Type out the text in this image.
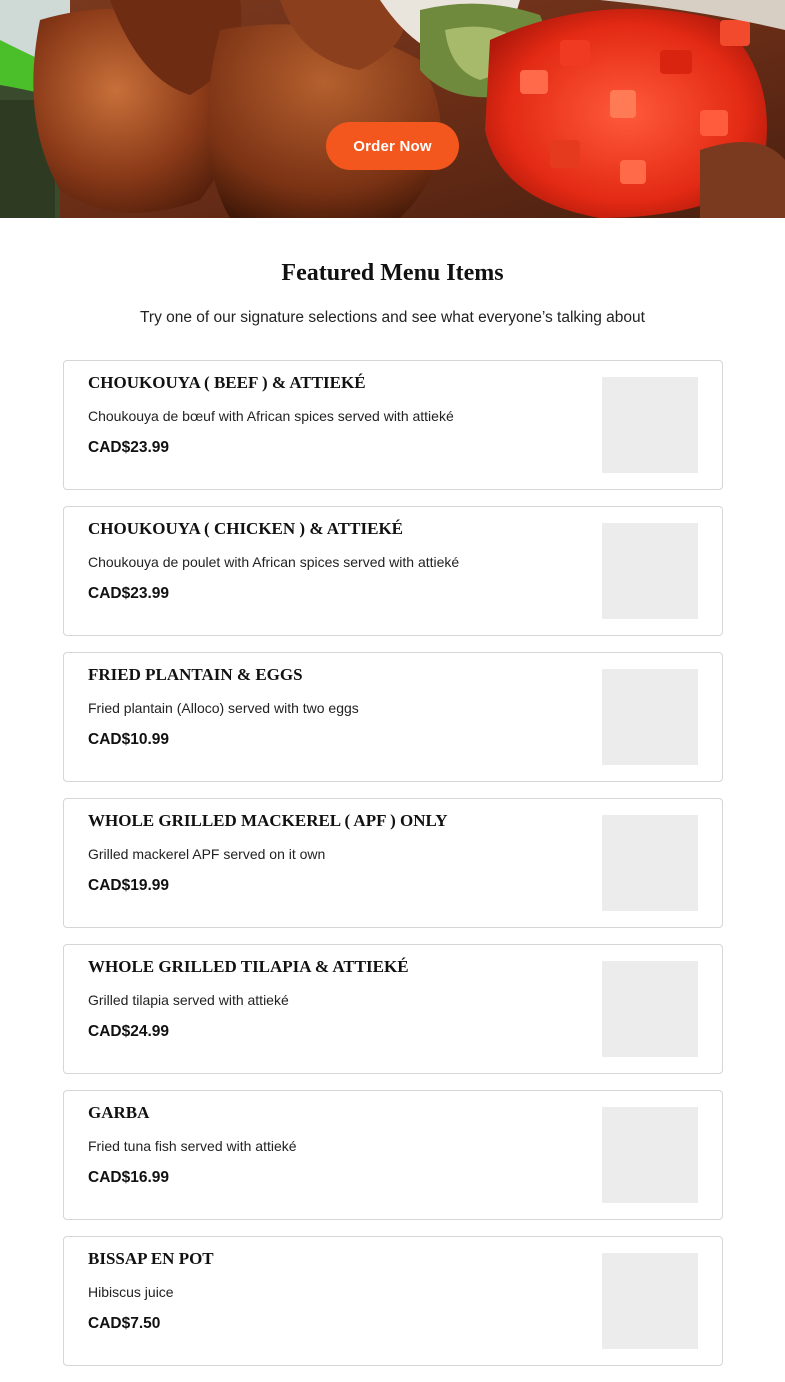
Order Now
Featured Menu Items

Try one of our signature selections and see what everyone’s talking about

CHOUKOUYA ( BEEF ) & ATTIEKÉ
Choukouya de bœuf with African spices served with attieké
CAD$23.99
CHOUKOUYA ( CHICKEN ) & ATTIEKÉ
Choukouya de poulet with African spices served with attieké
CAD$23.99
FRIED PLANTAIN & EGGS
Fried plantain (Alloco) served with two eggs
CAD$10.99
WHOLE GRILLED MACKEREL ( APF ) ONLY
Grilled mackerel APF served on it own
CAD$19.99
WHOLE GRILLED TILAPIA & ATTIEKÉ
Grilled tilapia served with attieké
CAD$24.99
GARBA
Fried tuna fish served with attieké
CAD$16.99
BISSAP EN POT
Hibiscus juice
CAD$7.50
